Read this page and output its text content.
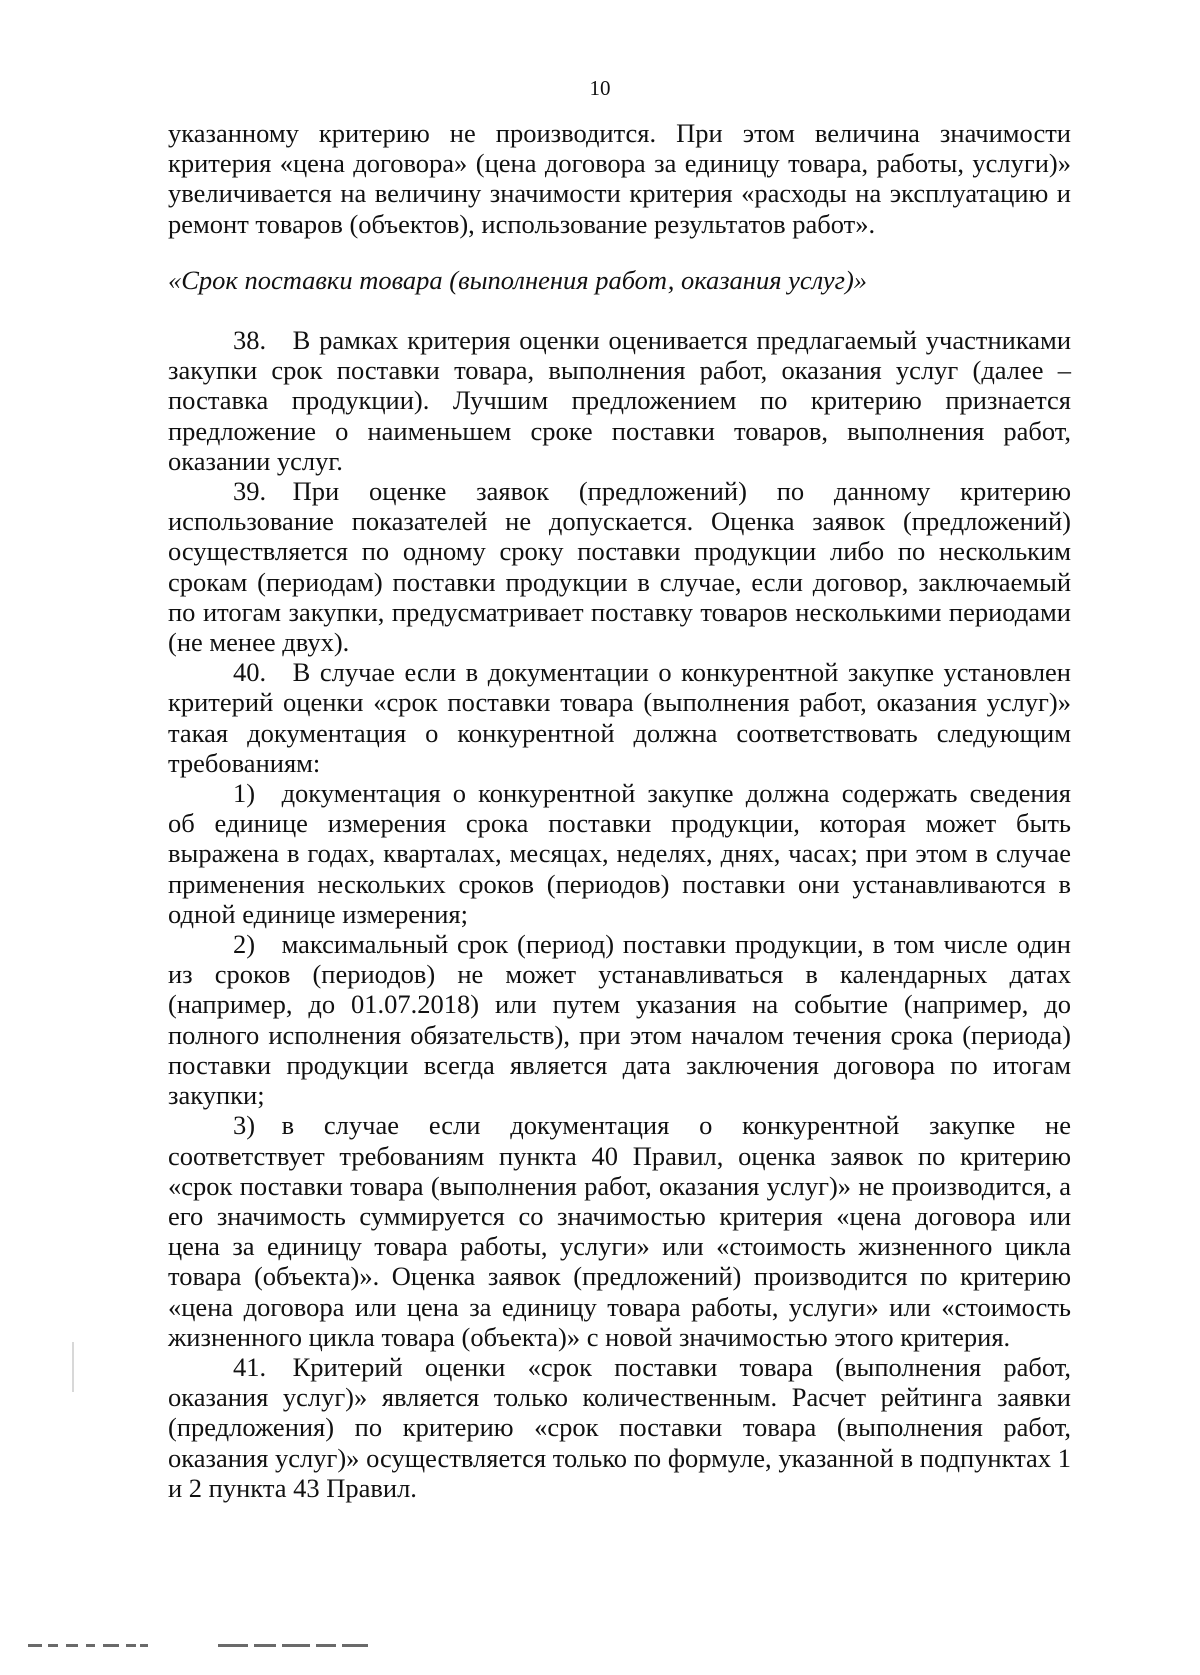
10

указанному критерию не производится. При этом величина значимости критерия «цена договора» (цена договора за единицу товара, работы, услуги)» увеличивается на величину значимости критерия «расходы на эксплуатацию и ремонт товаров (объектов), использование результатов работ».

«Срок поставки товара (выполнения работ, оказания услуг)»

38. В рамках критерия оценки оценивается предлагаемый участниками закупки срок поставки товара, выполнения работ, оказания услуг (далее – поставка продукции). Лучшим предложением по критерию признается предложение о наименьшем сроке поставки товаров, выполнения работ, оказании услуг.

39. При оценке заявок (предложений) по данному критерию использование показателей не допускается. Оценка заявок (предложений) осуществляется по одному сроку поставки продукции либо по нескольким срокам (периодам) поставки продукции в случае, если договор, заключаемый по итогам закупки, предусматривает поставку товаров несколькими периодами (не менее двух).

40. В случае если в документации о конкурентной закупке установлен критерий оценки «срок поставки товара (выполнения работ, оказания услуг)» такая документация о конкурентной должна соответствовать следующим требованиям:

1) документация о конкурентной закупке должна содержать сведения об единице измерения срока поставки продукции, которая может быть выражена в годах, кварталах, месяцах, неделях, днях, часах; при этом в случае применения нескольких сроков (периодов) поставки они устанавливаются в одной единице измерения;

2) максимальный срок (период) поставки продукции, в том числе один из сроков (периодов) не может устанавливаться в календарных датах (например, до 01.07.2018) или путем указания на событие (например, до полного исполнения обязательств), при этом началом течения срока (периода) поставки продукции всегда является дата заключения договора по итогам закупки;

3) в случае если документация о конкурентной закупке не соответствует требованиям пункта 40 Правил, оценка заявок по критерию «срок поставки товара (выполнения работ, оказания услуг)» не производится, а его значимость суммируется со значимостью критерия «цена договора или цена за единицу товара работы, услуги» или «стоимость жизненного цикла товара (объекта)». Оценка заявок (предложений) производится по критерию «цена договора или цена за единицу товара работы, услуги» или «стоимость жизненного цикла товара (объекта)» с новой значимостью этого критерия.

41. Критерий оценки «срок поставки товара (выполнения работ, оказания услуг)» является только количественным. Расчет рейтинга заявки (предложения) по критерию «срок поставки товара (выполнения работ, оказания услуг)» осуществляется только по формуле, указанной в подпунктах 1 и 2 пункта 43 Правил.
